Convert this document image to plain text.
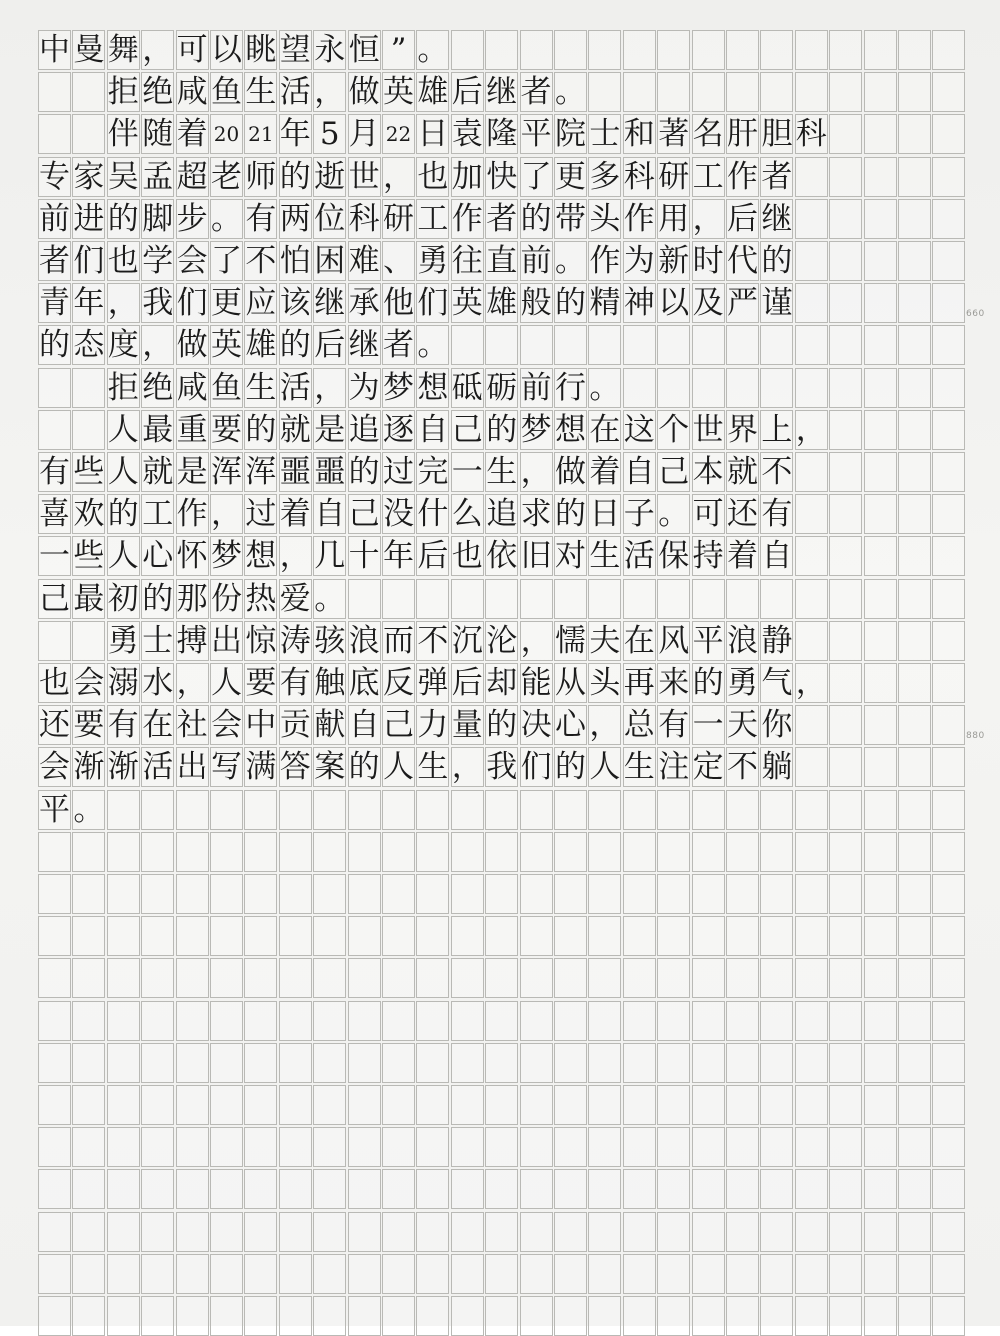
中 曼 舞 ， 可 以 眺 望 永 恒 ” 。
拒 绝 咸 鱼 生 活 ， 做 英 雄 后 继 者 。
伴 随 着 20 21 年 5 月 22 日 袁 隆 平 院 士 和 著 名 肝 胆 科
专 家 吴 孟 超 老 师 的 逝 世 ， 也 加 快 了 更 多 科 研 工 作 者
前 进 的 脚 步 。 有 两 位 科 研 工 作 者 的 带 头 作 用 ， 后 继
者 们 也 学 会 了 不 怕 困 难 、 勇 往 直 前 。 作 为 新 时 代 的
青 年 ， 我 们 更 应 该 继 承 他 们 英 雄 般 的 精 神 以 及 严 谨
的 态 度 ， 做 英 雄 的 后 继 者 。
拒 绝 咸 鱼 生 活 ， 为 梦 想 砥 砺 前 行 。
人 最 重 要 的 就 是 追 逐 自 己 的 梦 想 在 这 个 世 界 上 ，
有 些 人 就 是 浑 浑 噩 噩 的 过 完 一 生 ， 做 着 自 己 本 就 不
喜 欢 的 工 作 ， 过 着 自 己 没 什 么 追 求 的 日 子 。 可 还 有
一 些 人 心 怀 梦 想 ， 几 十 年 后 也 依 旧 对 生 活 保 持 着 自
己 最 初 的 那 份 热 爱 。
勇 士 搏 出 惊 涛 骇 浪 而 不 沉 沦 ， 懦 夫 在 风 平 浪 静
也 会 溺 水 ， 人 要 有 触 底 反 弹 后 却 能 从 头 再 来 的 勇 气 ，
还 要 有 在 社 会 中 贡 献 自 己 力 量 的 决 心 ， 总 有 一 天 你
会 渐 渐 活 出 写 满 答 案 的 人 生 ， 我 们 的 人 生 注 定 不 躺
平 。
660
880
